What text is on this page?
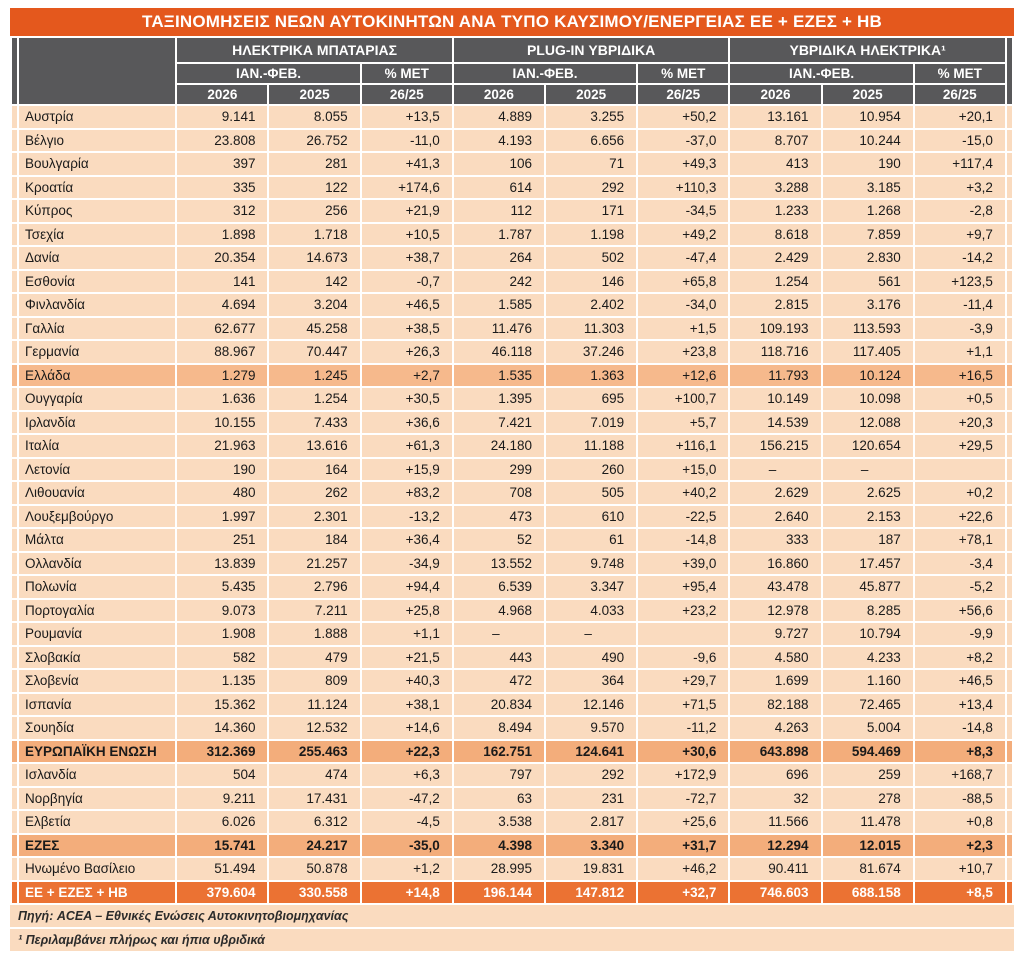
ΤΑΞΙΝΟΜΗΣΕΙΣ ΝΕΩΝ ΑΥΤΟΚΙΝΗΤΩΝ ΑΝΑ ΤΥΠΟ ΚΑΥΣΙΜΟΥ/ΕΝΕΡΓΕΙΑΣ ΕΕ + ΕΖΕΣ + ΗΒ
		ΗΛΕΚΤΡΙΚΑ ΜΠΑΤΑΡΙΑΣ			PLUG-IN ΥΒΡΙΔΙΚΑ			ΥΒΡΙΔΙΚΑ ΗΛΕΚΤΡΙΚΑ¹			
		ΙΑΝ.-ΦΕΒ.		% ΜΕΤ	ΙΑΝ.-ΦΕΒ.		% ΜΕΤ	ΙΑΝ.-ΦΕΒ.		% ΜΕΤ	
		2026	2025	26/25	2026	2025	26/25	2026	2025	26/25	
	Αυστρία	9.141	8.055	+13,5	4.889	3.255	+50,2	13.161	10.954	+20,1	
	Βέλγιο	23.808	26.752	-11,0	4.193	6.656	-37,0	8.707	10.244	-15,0	
	Βουλγαρία	397	281	+41,3	106	71	+49,3	413	190	+117,4	
	Κροατία	335	122	+174,6	614	292	+110,3	3.288	3.185	+3,2	
	Κύπρος	312	256	+21,9	112	171	-34,5	1.233	1.268	-2,8	
	Τσεχία	1.898	1.718	+10,5	1.787	1.198	+49,2	8.618	7.859	+9,7	
	Δανία	20.354	14.673	+38,7	264	502	-47,4	2.429	2.830	-14,2	
	Εσθονία	141	142	-0,7	242	146	+65,8	1.254	561	+123,5	
	Φινλανδία	4.694	3.204	+46,5	1.585	2.402	-34,0	2.815	3.176	-11,4	
	Γαλλία	62.677	45.258	+38,5	11.476	11.303	+1,5	109.193	113.593	-3,9	
	Γερμανία	88.967	70.447	+26,3	46.118	37.246	+23,8	118.716	117.405	+1,1	
	Ελλάδα	1.279	1.245	+2,7	1.535	1.363	+12,6	11.793	10.124	+16,5	
	Ουγγαρία	1.636	1.254	+30,5	1.395	695	+100,7	10.149	10.098	+0,5	
	Ιρλανδία	10.155	7.433	+36,6	7.421	7.019	+5,7	14.539	12.088	+20,3	
	Ιταλία	21.963	13.616	+61,3	24.180	11.188	+116,1	156.215	120.654	+29,5	
	Λετονία	190	164	+15,9	299	260	+15,0	–	–		
	Λιθουανία	480	262	+83,2	708	505	+40,2	2.629	2.625	+0,2	
	Λουξεμβούργο	1.997	2.301	-13,2	473	610	-22,5	2.640	2.153	+22,6	
	Μάλτα	251	184	+36,4	52	61	-14,8	333	187	+78,1	
	Ολλανδία	13.839	21.257	-34,9	13.552	9.748	+39,0	16.860	17.457	-3,4	
	Πολωνία	5.435	2.796	+94,4	6.539	3.347	+95,4	43.478	45.877	-5,2	
	Πορτογαλία	9.073	7.211	+25,8	4.968	4.033	+23,2	12.978	8.285	+56,6	
	Ρουμανία	1.908	1.888	+1,1	–	–		9.727	10.794	-9,9	
	Σλοβακία	582	479	+21,5	443	490	-9,6	4.580	4.233	+8,2	
	Σλοβενία	1.135	809	+40,3	472	364	+29,7	1.699	1.160	+46,5	
	Ισπανία	15.362	11.124	+38,1	20.834	12.146	+71,5	82.188	72.465	+13,4	
	Σουηδία	14.360	12.532	+14,6	8.494	9.570	-11,2	4.263	5.004	-14,8	
	ΕΥΡΩΠΑΪΚΗ ΕΝΩΣΗ	312.369	255.463	+22,3	162.751	124.641	+30,6	643.898	594.469	+8,3	
	Ισλανδία	504	474	+6,3	797	292	+172,9	696	259	+168,7	
	Νορβηγία	9.211	17.431	-47,2	63	231	-72,7	32	278	-88,5	
	Ελβετία	6.026	6.312	-4,5	3.538	2.817	+25,6	11.566	11.478	+0,8	
	ΕΖΕΣ	15.741	24.217	-35,0	4.398	3.340	+31,7	12.294	12.015	+2,3	
	Ηνωμένο Βασίλειο	51.494	50.878	+1,2	28.995	19.831	+46,2	90.411	81.674	+10,7	
	ΕΕ + ΕΖΕΣ + ΗΒ	379.604	330.558	+14,8	196.144	147.812	+32,7	746.603	688.158	+8,5	
Πηγή: ACEA – Εθνικές Ενώσεις Αυτοκινητοβιομηχανίας
¹ Περιλαμβάνει πλήρως και ήπια υβριδικά
